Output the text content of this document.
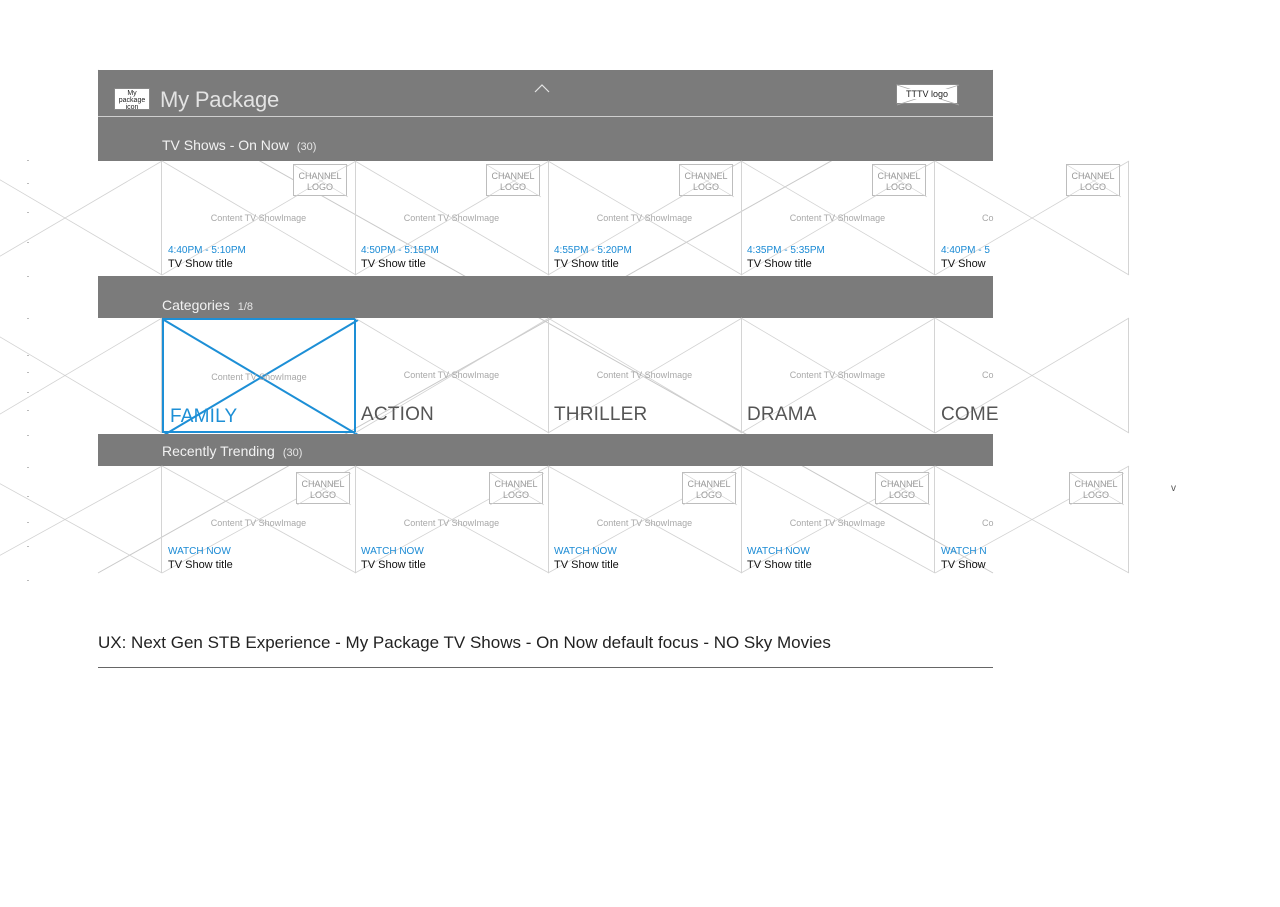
My package icon My Package	TTTV logo
TV Shows - On Now (30)
Content TV ShowImage
CHANNEL
LOGO
4:40PM - 5:10PM
TV Show title
Content TV ShowImage
CHANNEL
LOGO
4:50PM - 5:15PM
TV Show title
Content TV ShowImage
CHANNEL
LOGO
4:55PM - 5:20PM
TV Show title
Content TV ShowImage
CHANNEL
LOGO
4:35PM - 5:35PM
TV Show title
Co
CHANNEL
LOGO
4:40PM - 5
TV Show
Categories 1/8
Content TV ShowImage
FAMILY
Content TV ShowImage
ACTION
Content TV ShowImage
THRILLER
Content TV ShowImage
DRAMA
Co
COME
Recently Trending (30)
Content TV ShowImage
CHANNEL
LOGO
WATCH NOW
TV Show title
Content TV ShowImage
CHANNEL
LOGO
WATCH NOW
TV Show title
Content TV ShowImage
CHANNEL
LOGO
WATCH NOW
TV Show title
Content TV ShowImage
CHANNEL
LOGO
WATCH NOW
TV Show title
Co
CHANNEL
LOGO
WATCH N
TV Show
UX: Next Gen STB Experience - My Package TV Shows - On Now default focus - NO Sky Movies
v
